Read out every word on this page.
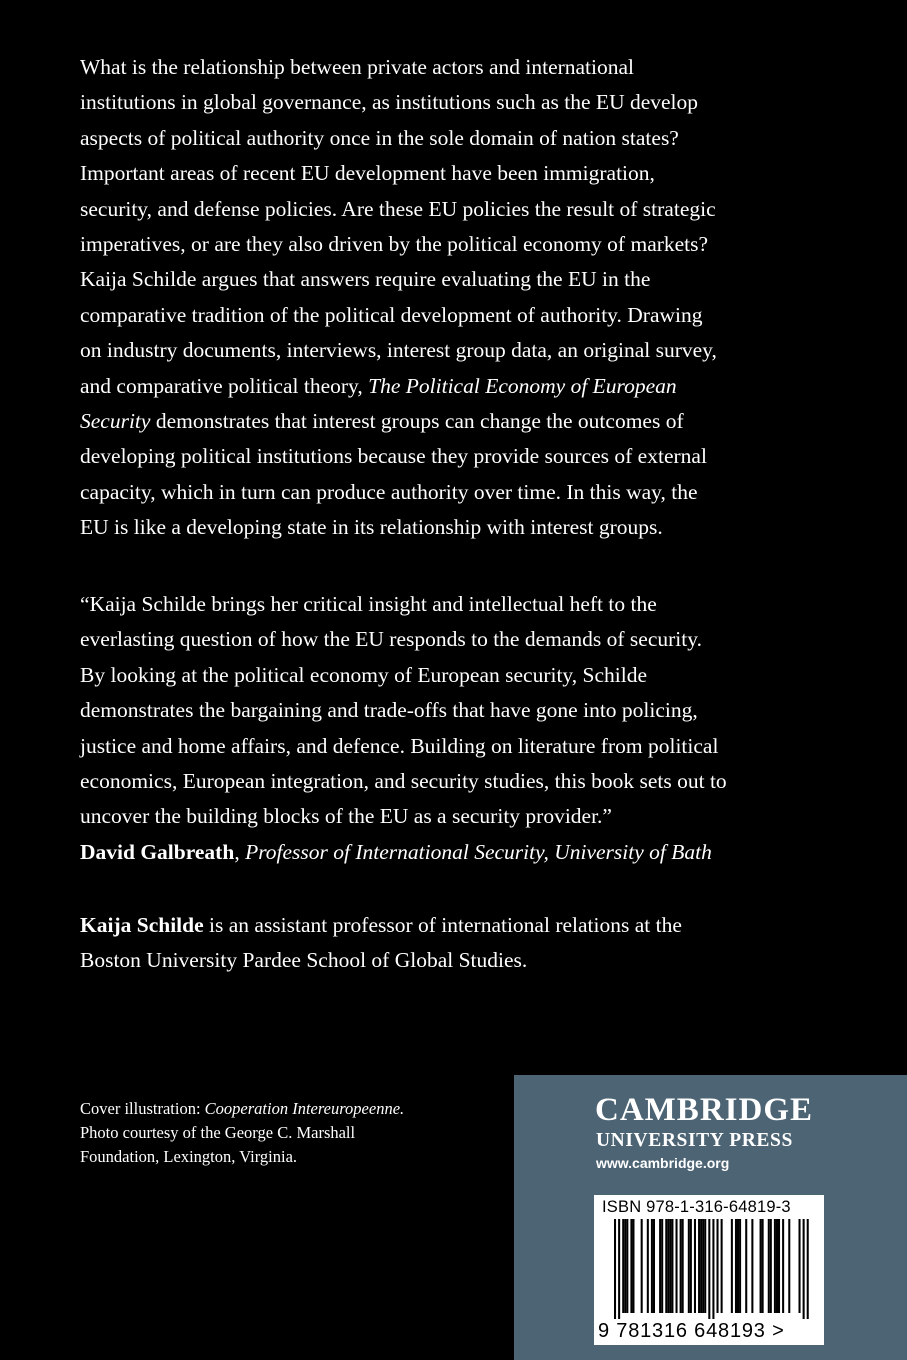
What is the relationship between private actors and international
institutions in global governance, as institutions such as the EU develop
aspects of political authority once in the sole domain of nation states?
Important areas of recent EU development have been immigration,
security, and defense policies. Are these EU policies the result of strategic
imperatives, or are they also driven by the political economy of markets?
Kaija Schilde argues that answers require evaluating the EU in the
comparative tradition of the political development of authority. Drawing
on industry documents, interviews, interest group data, an original survey,
and comparative political theory, The Political Economy of European
Security demonstrates that interest groups can change the outcomes of
developing political institutions because they provide sources of external
capacity, which in turn can produce authority over time. In this way, the
EU is like a developing state in its relationship with interest groups.

“Kaija Schilde brings her critical insight and intellectual heft to the
everlasting question of how the EU responds to the demands of security.
By looking at the political economy of European security, Schilde
demonstrates the bargaining and trade-offs that have gone into policing,
justice and home affairs, and defence. Building on literature from political
economics, European integration, and security studies, this book sets out to
uncover the building blocks of the EU as a security provider.”
David Galbreath, Professor of International Security, University of Bath

Kaija Schilde is an assistant professor of international relations at the
Boston University Pardee School of Global Studies.

Cover illustration: Cooperation Intereuropeenne.
Photo courtesy of the George C. Marshall
Foundation, Lexington, Virginia.
CAMBRIDGE
UNIVERSITY PRESS
www.cambridge.org
ISBN 978-1-316-64819-3
9 781316 648193 >
